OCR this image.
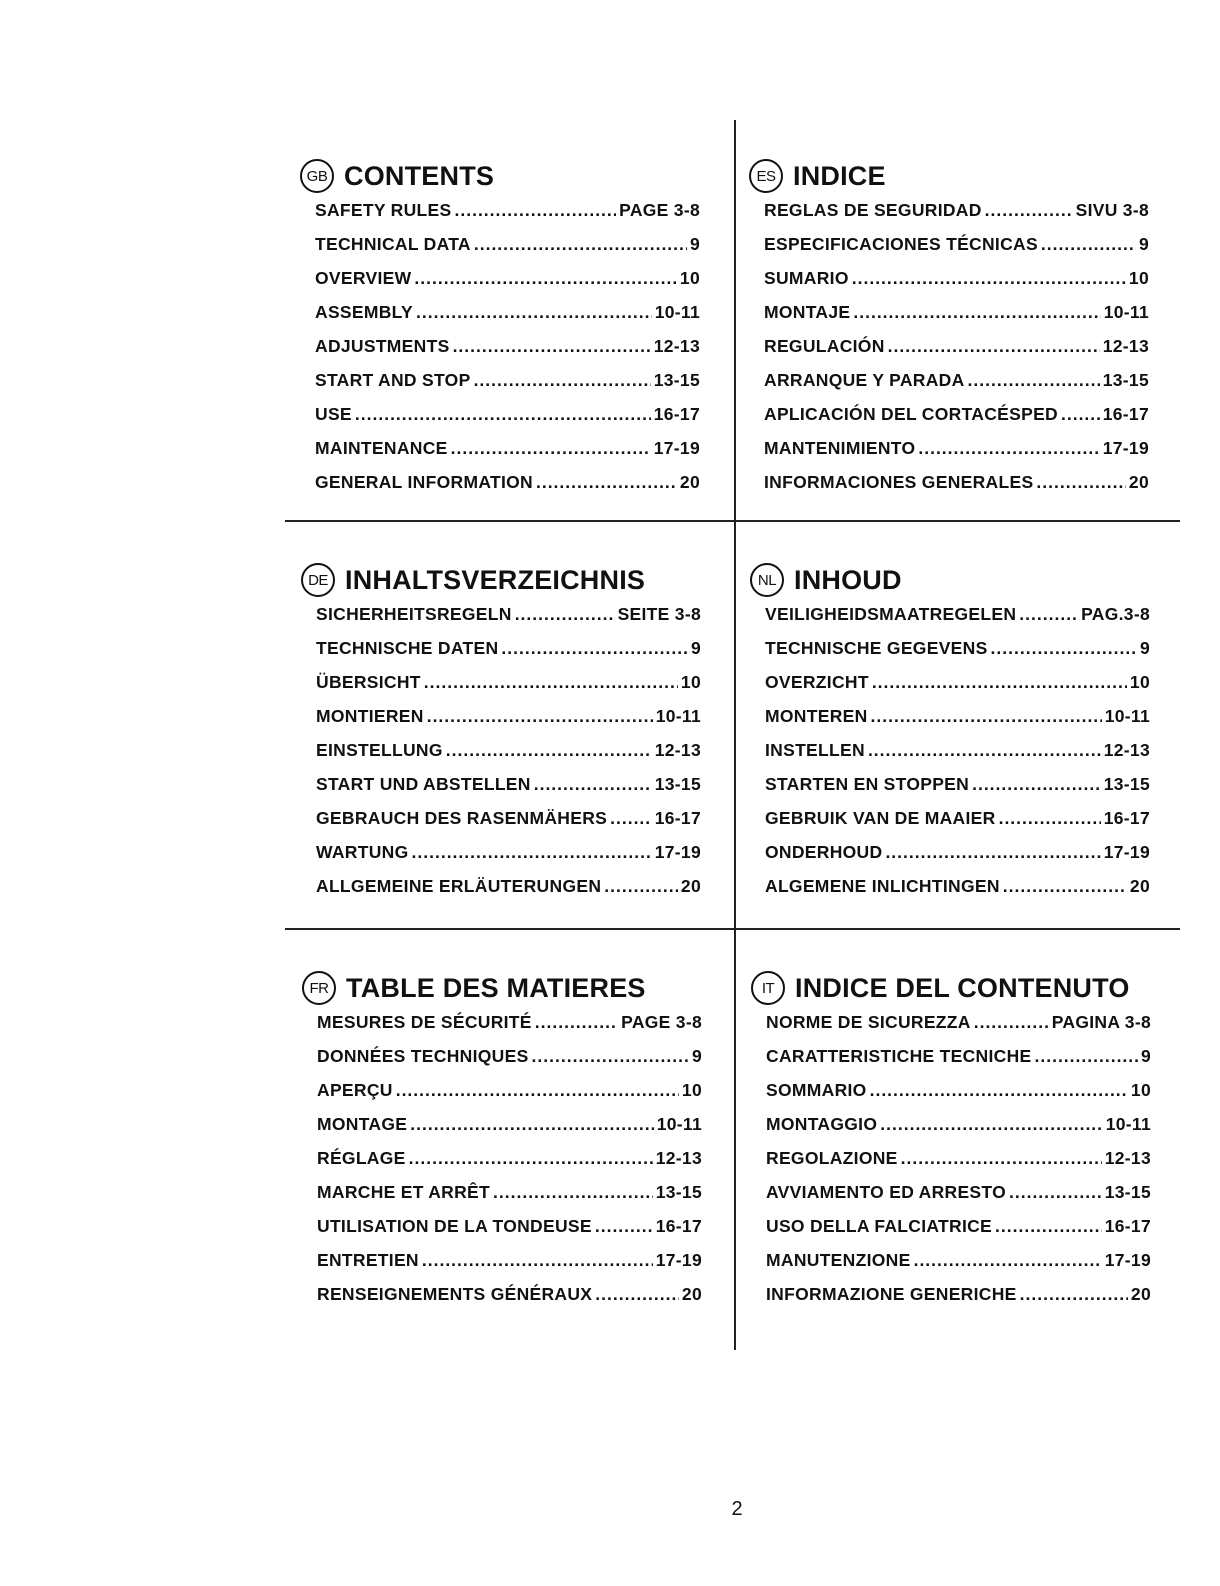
GB CONTENTS
SAFETY RULES .....	PAGE 3-8
TECHNICAL DATA .....	9
OVERVIEW .....	10
ASSEMBLY .....	10-11
ADJUSTMENTS .....	12-13
START AND STOP .....	13-15
USE .....	16-17
MAINTENANCE .....	17-19
GENERAL INFORMATION .....	20
ES INDICE
REGLAS DE SEGURIDAD .....	SIVU 3-8
ESPECIFICACIONES TÉCNICAS .....	9
SUMARIO .....	10
MONTAJE .....	10-11
REGULACIÓN .....	12-13
ARRANQUE Y PARADA .....	13-15
APLICACIÓN DEL CORTACÉSPED .....	16-17
MANTENIMIENTO .....	17-19
INFORMACIONES GENERALES .....	20
DE INHALTSVERZEICHNIS
SICHERHEITSREGELN .....	SEITE 3-8
TECHNISCHE DATEN .....	9
ÜBERSICHT .....	10
MONTIEREN .....	10-11
EINSTELLUNG .....	12-13
START UND ABSTELLEN .....	13-15
GEBRAUCH DES RASENMÄHERS .....	16-17
WARTUNG .....	17-19
ALLGEMEINE ERLÄUTERUNGEN .....	20
NL INHOUD
VEILIGHEIDSMAATREGELEN .....	PAG.3-8
TECHNISCHE GEGEVENS .....	9
OVERZICHT .....	10
MONTEREN .....	10-11
INSTELLEN .....	12-13
STARTEN EN STOPPEN .....	13-15
GEBRUIK VAN DE MAAIER .....	16-17
ONDERHOUD .....	17-19
ALGEMENE INLICHTINGEN .....	20
FR TABLE DES MATIERES
MESURES DE SÉCURITÉ .....	PAGE 3-8
DONNÉES TECHNIQUES .....	9
APERÇU .....	10
MONTAGE .....	10-11
RÉGLAGE .....	12-13
MARCHE ET ARRÊT .....	13-15
UTILISATION DE LA TONDEUSE .....	16-17
ENTRETIEN .....	17-19
RENSEIGNEMENTS GÉNÉRAUX .....	20
IT INDICE DEL CONTENUTO
NORME DE SICUREZZA .....	PAGINA 3-8
CARATTERISTICHE TECNICHE .....	9
SOMMARIO .....	10
MONTAGGIO .....	10-11
REGOLAZIONE .....	12-13
AVVIAMENTO ED ARRESTO .....	13-15
USO DELLA FALCIATRICE .....	16-17
MANUTENZIONE .....	17-19
INFORMAZIONE GENERICHE .....	20
2
